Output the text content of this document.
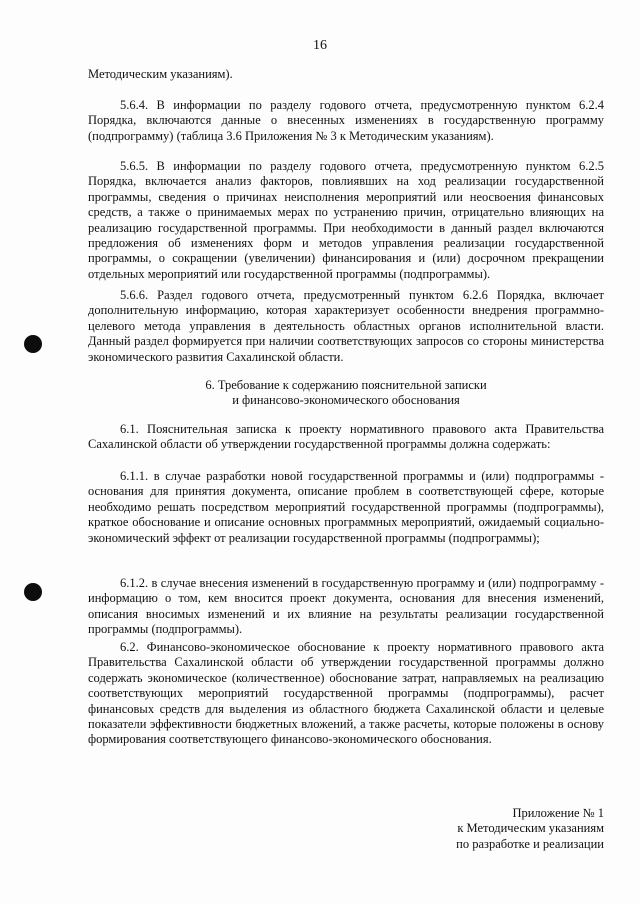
16

Методическим указаниям).

5.6.4. В информации по разделу годового отчета, предусмотренную пунктом 6.2.4 Порядка, включаются данные о внесенных изменениях в государственную программу (подпрограмму) (таблица 3.6 Приложения № 3 к Методическим указаниям).

5.6.5. В информации по разделу годового отчета, предусмотренную пунктом 6.2.5 Порядка, включается анализ факторов, повлиявших на ход реализации государственной программы, сведения о причинах неисполнения мероприятий или неосвоения финансовых средств, а также о принимаемых мерах по устранению причин, отрицательно влияющих на реализацию государственной программы. При необходимости в данный раздел включаются предложения об изменениях форм и методов управления реализации государственной программы, о сокращении (увеличении) финансирования и (или) досрочном прекращении отдельных мероприятий или государственной программы (подпрограммы).

5.6.6. Раздел годового отчета, предусмотренный пунктом 6.2.6 Порядка, включает дополнительную информацию, которая характеризует особенности внедрения программно-целевого метода управления в деятельность областных органов исполнительной власти. Данный раздел формируется при наличии соответствующих запросов со стороны министерства экономического развития Сахалинской области.

6. Требование к содержанию пояснительной записки
и финансово-экономического обоснования

6.1. Пояснительная записка к проекту нормативного правового акта Правительства Сахалинской области об утверждении государственной программы должна содержать:

6.1.1. в случае разработки новой государственной программы и (или) подпрограммы - основания для принятия документа, описание проблем в соответствующей сфере, которые необходимо решать посредством мероприятий государственной программы (подпрограммы), краткое обоснование и описание основных программных мероприятий, ожидаемый социально-экономический эффект от реализации государственной программы (подпрограммы);

6.1.2. в случае внесения изменений в государственную программу и (или) подпрограмму - информацию о том, кем вносится проект документа, основания для внесения изменений, описания вносимых изменений и их влияние на результаты реализации государственной программы (подпрограммы).

6.2. Финансово-экономическое обоснование к проекту нормативного правового акта Правительства Сахалинской области об утверждении государственной программы должно содержать экономическое (количественное) обоснование затрат, направляемых на реализацию соответствующих мероприятий государственной программы (подпрограммы), расчет финансовых средств для выделения из областного бюджета Сахалинской области и целевые показатели эффективности бюджетных вложений, а также расчеты, которые положены в основу формирования соответствующего финансово-экономического обоснования.

Приложение № 1
к Методическим указаниям
по разработке и реализации
